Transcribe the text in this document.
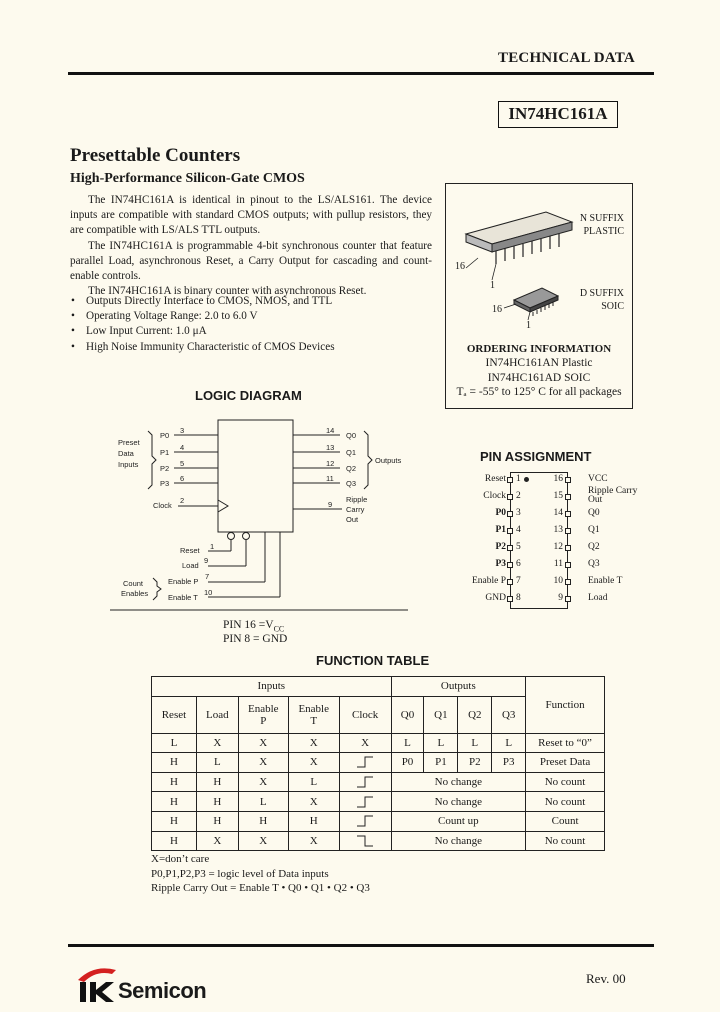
TECHNICAL DATA
IN74HC161A
Presettable Counters
High-Performance Silicon-Gate CMOS

The IN74HC161A is identical in pinout to the LS/ALS161. The device inputs are compatible with standard CMOS outputs; with pullup resistors, they are compatible with LS/ALS TTL outputs.

The IN74HC161A is programmable 4-bit synchronous counter that feature parallel Load, asynchronous Reset, a Carry Output for cascading and count-enable controls.

The IN74HC161A is binary counter with asynchronous Reset.

• Outputs Directly Interface to CMOS, NMOS, and TTL
• Operating Voltage Range: 2.0 to 6.0 V
• Low Input Current: 1.0 μA
• High Noise Immunity Characteristic of CMOS Devices
16
1
N SUFFIX
PLASTIC
16
1
D SUFFIX
SOIC
ORDERING INFORMATION
IN74HC161AN Plastic
IN74HC161AD SOIC
Tₐ = -55° to 125° C for all packages
LOGIC DIAGRAM
Preset
Data
Inputs
P0
P1
P2
P3
3
4
5
6
14
13
12
11
Q0
Q1
Q2
Q3
Outputs
Clock
2	9
Ripple
Carry
Out
Reset 1
Load
9
Count
Enables
Enable P
7
Enable T
10
PIN $16 =V_{CC}$
PIN 8 = GND
PIN ASSIGNMENT
Reset 1	16	VCC
Clock 2	15	Ripple Carry Out
P0 3	14	Q0
P1 4	13	Q1
P2 5	12	Q2
P3 6	11	Q3
Enable P 7	10	Enable T
GND 8	9	Load
FUNCTION TABLE
Inputs					Outputs				Function
Reset	Load	Enable P	Enable T	Clock	Q0	Q1	Q2	Q3	
L	X	X	X	X	L	L	L	L	Reset to “0”
H	L	X	X		P0	P1	P2	P3	Preset Data
H	H	X	L		No change				No count
H	H	L	X		No change				No count
H	H	H	H		Count up				Count
H	X	X	X		No change				No count
X=don’t care
P0,P1,P2,P3 = logic level of Data inputs
Ripple Carry Out = Enable T • Q0 • Q1 • Q2 • Q3
Semicon	Rev. 00
